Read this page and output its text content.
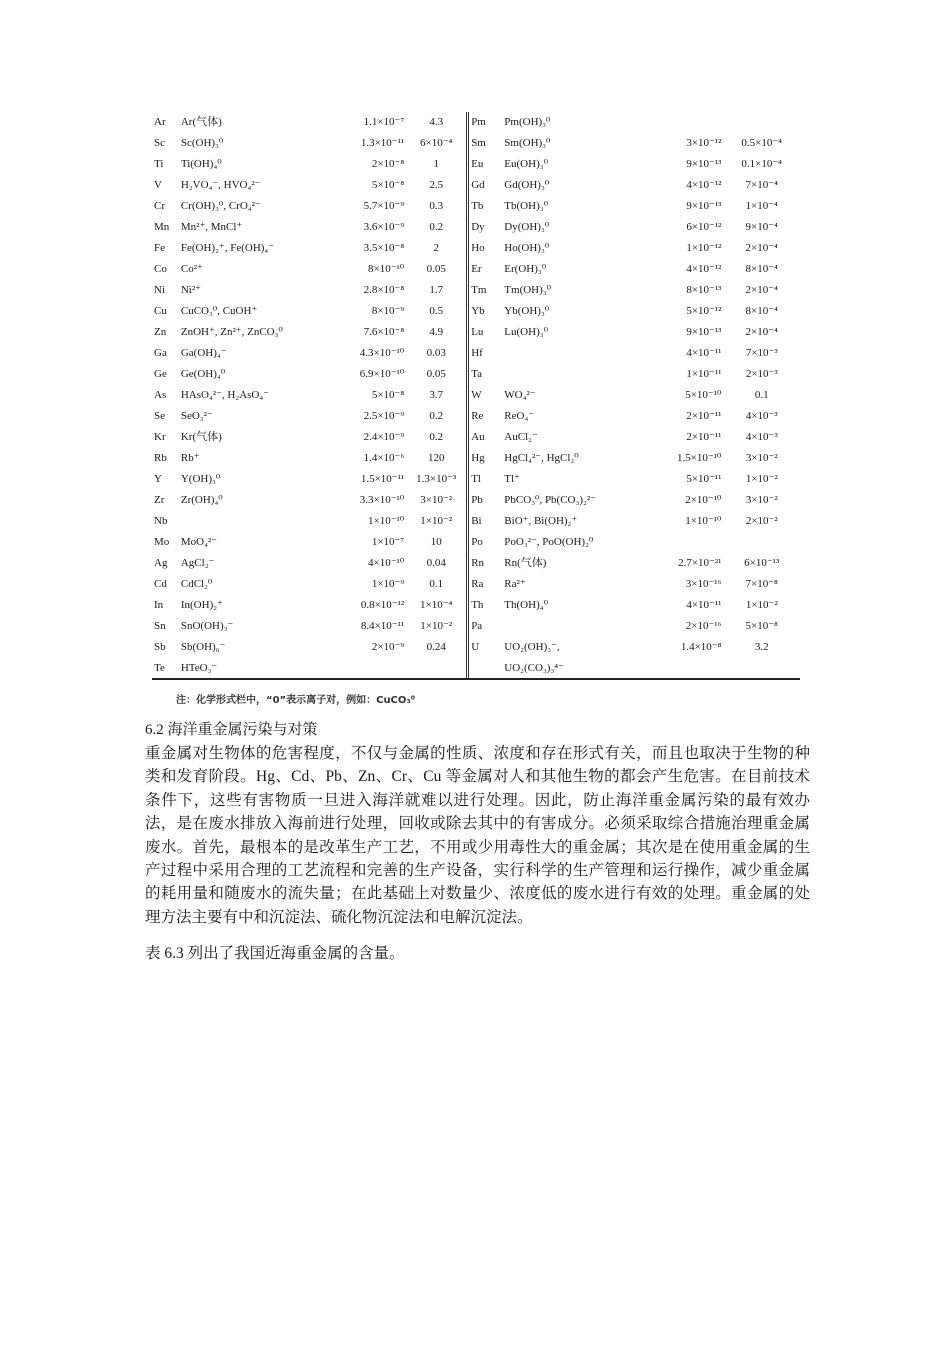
Ar	Ar(气体)	1.1×10⁻⁷	4.3	Pm	Pm(OH)₃⁰		
Sc	Sc(OH)₃⁰	1.3×10⁻¹¹	6×10⁻⁴	Sm	Sm(OH)₃⁰	3×10⁻¹²	0.5×10⁻⁴
Ti	Ti(OH)₄⁰	2×10⁻⁸	1	Eu	Eu(OH)₃⁰	9×10⁻¹³	0.1×10⁻⁴
V	H₂VO₄⁻, HVO₄²⁻	5×10⁻⁸	2.5	Gd	Gd(OH)₃⁰	4×10⁻¹²	7×10⁻⁴
Cr	Cr(OH)₃⁰, CrO₄²⁻	5.7×10⁻⁹	0.3	Tb	Tb(OH)₃⁰	9×10⁻¹³	1×10⁻⁴
Mn	Mn²⁺, MnCl⁺	3.6×10⁻⁹	0.2	Dy	Dy(OH)₃⁰	6×10⁻¹²	9×10⁻⁴
Fe	Fe(OH)₂⁺, Fe(OH)₄⁻	3.5×10⁻⁸	2	Ho	Ho(OH)₃⁰	1×10⁻¹²	2×10⁻⁴
Co	Co²⁺	8×10⁻¹⁰	0.05	Er	Er(OH)₃⁰	4×10⁻¹²	8×10⁻⁴
Ni	Ni²⁺	2.8×10⁻⁸	1.7	Tm	Tm(OH)₃⁰	8×10⁻¹³	2×10⁻⁴
Cu	CuCO₃⁰, CuOH⁺	8×10⁻⁹	0.5	Yb	Yb(OH)₃⁰	5×10⁻¹²	8×10⁻⁴
Zn	ZnOH⁺, Zn²⁺, ZnCO₃⁰	7.6×10⁻⁸	4.9	Lu	Lu(OH)₃⁰	9×10⁻¹³	2×10⁻⁴
Ga	Ga(OH)₄⁻	4.3×10⁻¹⁰	0.03	Hf		4×10⁻¹¹	7×10⁻³
Ge	Ge(OH)₄⁰	6.9×10⁻¹⁰	0.05	Ta		1×10⁻¹¹	2×10⁻³
As	HAsO₄²⁻, H₂AsO₄⁻	5×10⁻⁸	3.7	W	WO₄²⁻	5×10⁻¹⁰	0.1
Se	SeO₃²⁻	2.5×10⁻⁹	0.2	Re	ReO₄⁻	2×10⁻¹¹	4×10⁻³
Kr	Kr(气体)	2.4×10⁻⁹	0.2	Au	AuCl₂⁻	2×10⁻¹¹	4×10⁻³
Rb	Rb⁺	1.4×10⁻⁶	120	Hg	HgCl₄²⁻, HgCl₂⁰	1.5×10⁻¹⁰	3×10⁻²
Y	Y(OH)₃⁰	1.5×10⁻¹¹	1.3×10⁻³	Tl	Tl⁺	5×10⁻¹¹	1×10⁻²
Zr	Zr(OH)₄⁰	3.3×10⁻¹⁰	3×10⁻²	Pb	PbCO₃⁰, Pb(CO₃)₂²⁻	2×10⁻¹⁰	3×10⁻²
Nb		1×10⁻¹⁰	1×10⁻²	Bi	BiO⁺, Bi(OH)₂⁺	1×10⁻¹⁰	2×10⁻²
Mo	MoO₄²⁻	1×10⁻⁷	10	Po	PoO₃²⁻, PoO(OH)₂⁰		
Ag	AgCl₂⁻	4×10⁻¹⁰	0.04	Rn	Rn(气体)	2.7×10⁻²¹	6×10⁻¹³
Cd	CdCl₂⁰	1×10⁻⁹	0.1	Ra	Ra²⁺	3×10⁻¹⁶	7×10⁻⁸
In	In(OH)₂⁺	0.8×10⁻¹²	1×10⁻⁴	Th	Th(OH)₄⁰	4×10⁻¹¹	1×10⁻²
Sn	SnO(OH)₃⁻	8.4×10⁻¹¹	1×10⁻²	Pa		2×10⁻¹⁶	5×10⁻⁸
Sb	Sb(OH)₆⁻	2×10⁻⁹	0.24	U	UO₂(OH)₃⁻,	1.4×10⁻⁸	3.2
Te	HTeO₃⁻				UO₂(CO₃)₃⁴⁻		
注：化学形式栏中，“0”表示离子对，例如：CuCO₃⁰
6.2 海洋重金属污染与对策
重金属对生物体的危害程度，不仅与金属的性质、浓度和存在形式有关，而且也取决于生物的种类和发育阶段。Hg、Cd、Pb、Zn、Cr、Cu 等金属对人和其他生物的都会产生危害。在目前技术条件下，这些有害物质一旦进入海洋就难以进行处理。因此，防止海洋重金属污染的最有效办法，是在废水排放入海前进行处理，回收或除去其中的有害成分。必须采取综合措施治理重金属废水。首先，最根本的是改革生产工艺，不用或少用毒性大的重金属；其次是在使用重金属的生产过程中采用合理的工艺流程和完善的生产设备，实行科学的生产管理和运行操作，减少重金属的耗用量和随废水的流失量；在此基础上对数量少、浓度低的废水进行有效的处理。重金属的处理方法主要有中和沉淀法、硫化物沉淀法和电解沉淀法。
表 6.3 列出了我国近海重金属的含量。
